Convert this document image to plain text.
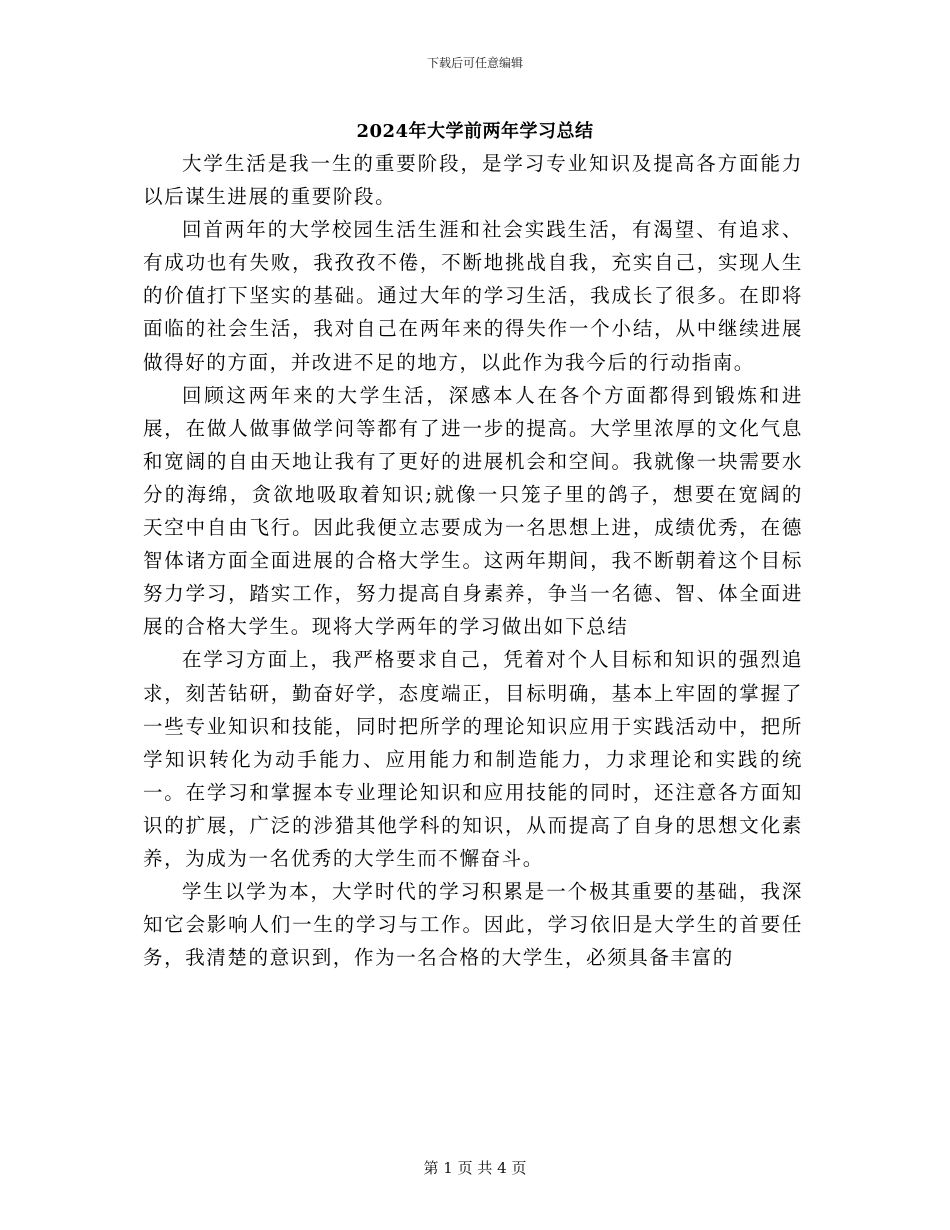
下载后可任意编辑
2024年大学前两年学习总结

大学生活是我一生的重要阶段，是学习专业知识及提高各方面能力以后谋生进展的重要阶段。

回首两年的大学校园生活生涯和社会实践生活，有渴望、有追求、有成功也有失败，我孜孜不倦，不断地挑战自我，充实自己，实现人生的价值打下坚实的基础。通过大年的学习生活，我成长了很多。在即将面临的社会生活，我对自己在两年来的得失作一个小结，从中继续进展做得好的方面，并改进不足的地方，以此作为我今后的行动指南。

回顾这两年来的大学生活，深感本人在各个方面都得到锻炼和进展，在做人做事做学问等都有了进一步的提高。大学里浓厚的文化气息和宽阔的自由天地让我有了更好的进展机会和空间。我就像一块需要水分的海绵，贪欲地吸取着知识;就像一只笼子里的鸽子，想要在宽阔的天空中自由飞行。因此我便立志要成为一名思想上进，成绩优秀，在德智体诸方面全面进展的合格大学生。这两年期间，我不断朝着这个目标努力学习，踏实工作，努力提高自身素养，争当一名德、智、体全面进展的合格大学生。现将大学两年的学习做出如下总结

在学习方面上，我严格要求自己，凭着对个人目标和知识的强烈追求，刻苦钻研，勤奋好学，态度端正，目标明确，基本上牢固的掌握了一些专业知识和技能，同时把所学的理论知识应用于实践活动中，把所学知识转化为动手能力、应用能力和制造能力，力求理论和实践的统一。在学习和掌握本专业理论知识和应用技能的同时，还注意各方面知识的扩展，广泛的涉猎其他学科的知识，从而提高了自身的思想文化素养，为成为一名优秀的大学生而不懈奋斗。

学生以学为本，大学时代的学习积累是一个极其重要的基础，我深知它会影响人们一生的学习与工作。因此，学习依旧是大学生的首要任务，我清楚的意识到，作为一名合格的大学生，必须具备丰富的

第 1 页 共 4 页
